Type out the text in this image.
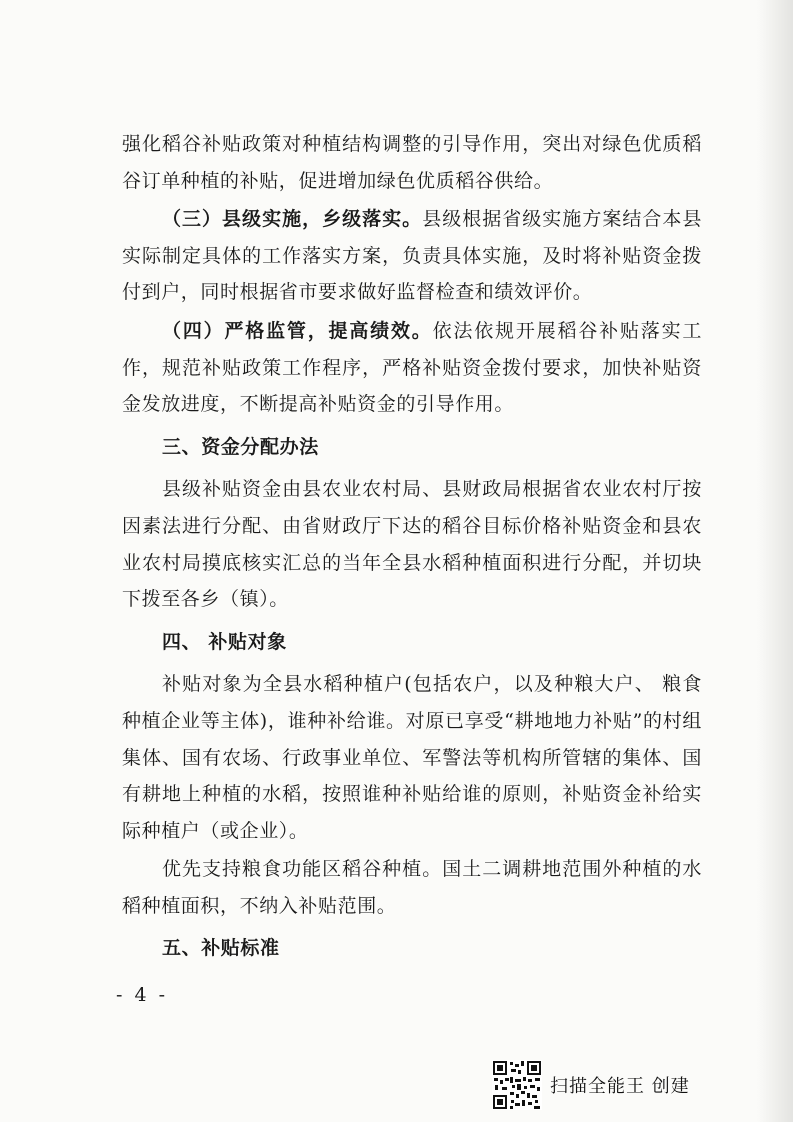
强化稻谷补贴政策对种植结构调整的引导作用，突出对绿色优质稻谷订单种植的补贴，促进增加绿色优质稻谷供给。

（三）县级实施，乡级落实。县级根据省级实施方案结合本县实际制定具体的工作落实方案，负责具体实施，及时将补贴资金拨付到户，同时根据省市要求做好监督检查和绩效评价。

（四）严格监管，提高绩效。依法依规开展稻谷补贴落实工作，规范补贴政策工作程序，严格补贴资金拨付要求，加快补贴资金发放进度，不断提高补贴资金的引导作用。

三、资金分配办法

县级补贴资金由县农业农村局、县财政局根据省农业农村厅按因素法进行分配、由省财政厅下达的稻谷目标价格补贴资金和县农业农村局摸底核实汇总的当年全县水稻种植面积进行分配，并切块下拨至各乡（镇）。

四、 补贴对象

补贴对象为全县水稻种植户(包括农户，以及种粮大户、 粮食种植企业等主体)，谁种补给谁。对原已享受“耕地地力补贴”的村组集体、国有农场、行政事业单位、军警法等机构所管辖的集体、国有耕地上种植的水稻，按照谁种补贴给谁的原则，补贴资金补给实际种植户（或企业）。

优先支持粮食功能区稻谷种植。国土二调耕地范围外种植的水稻种植面积，不纳入补贴范围。

五、补贴标准

- 4 -
扫描全能王 创建
